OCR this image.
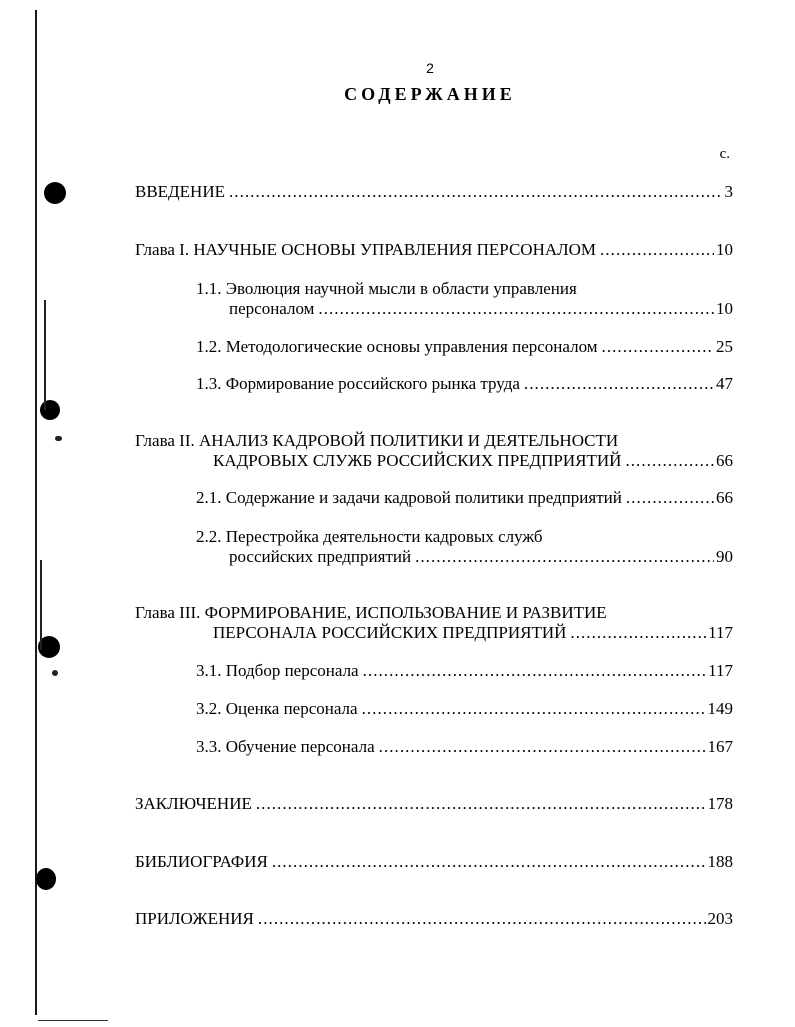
2
СОДЕРЖАНИЕ
с.
ВВЕДЕНИЕ . . .	3
Глава I. НАУЧНЫЕ ОСНОВЫ УПРАВЛЕНИЯ ПЕРСОНАЛОМ . . .	10
1.1. Эволюция научной мысли в области управления
персоналом . . .	10
1.2. Методологические основы управления персоналом . . .	25
1.3. Формирование российского рынка труда . . .	47
Глава II. АНАЛИЗ КАДРОВОЙ ПОЛИТИКИ И ДЕЯТЕЛЬНОСТИ
КАДРОВЫХ СЛУЖБ РОССИЙСКИХ ПРЕДПРИЯТИЙ . . .	66
2.1. Содержание и задачи кадровой политики предприятий . . .	66
2.2. Перестройка деятельности кадровых служб
российских предприятий . . .	90
Глава III. ФОРМИРОВАНИЕ, ИСПОЛЬЗОВАНИЕ И РАЗВИТИЕ
ПЕРСОНАЛА РОССИЙСКИХ ПРЕДПРИЯТИЙ . . .	117
3.1. Подбор персонала . . .	117
3.2. Оценка персонала . . .	149
3.3. Обучение персонала . . .	167
ЗАКЛЮЧЕНИЕ . . .	178
БИБЛИОГРАФИЯ . . .	188
ПРИЛОЖЕНИЯ . . .	203
